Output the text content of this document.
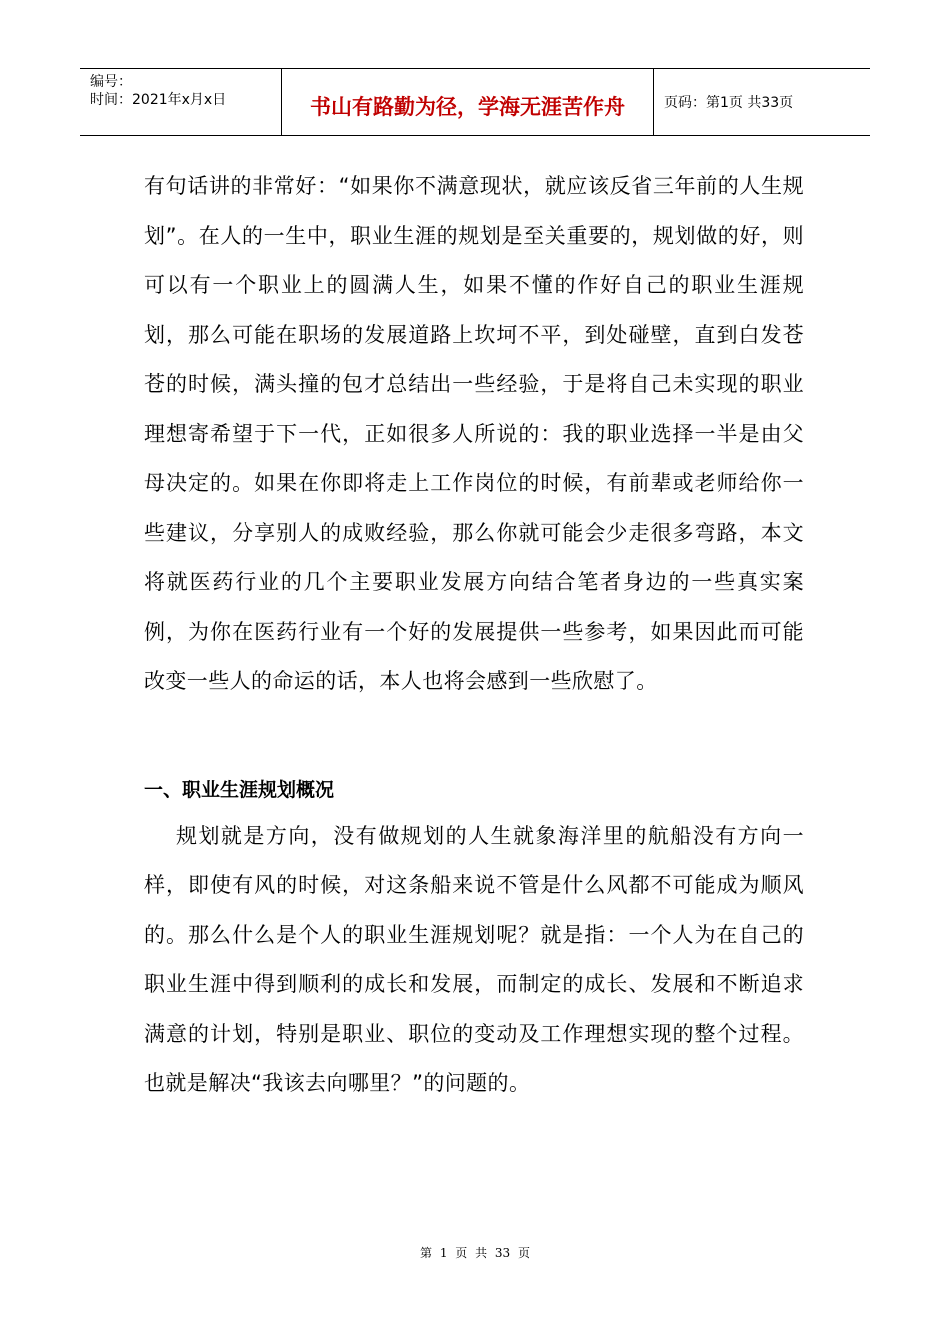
编号：
时间：2021年x月x日	书山有路勤为径，学海无涯苦作舟	页码：第1页 共33页

有句话讲的非常好：“如果你不满意现状，就应该反省三年前的人生规划”。在人的一生中，职业生涯的规划是至关重要的，规划做的好，则可以有一个职业上的圆满人生，如果不懂的作好自己的职业生涯规划，那么可能在职场的发展道路上坎坷不平，到处碰壁，直到白发苍苍的时候，满头撞的包才总结出一些经验，于是将自己未实现的职业理想寄希望于下一代，正如很多人所说的：我的职业选择一半是由父母决定的。如果在你即将走上工作岗位的时候，有前辈或老师给你一些建议，分享别人的成败经验，那么你就可能会少走很多弯路，本文将就医药行业的几个主要职业发展方向结合笔者身边的一些真实案例，为你在医药行业有一个好的发展提供一些参考，如果因此而可能改变一些人的命运的话，本人也将会感到一些欣慰了。

一、职业生涯规划概况

规划就是方向，没有做规划的人生就象海洋里的航船没有方向一样，即使有风的时候，对这条船来说不管是什么风都不可能成为顺风的。那么什么是个人的职业生涯规划呢？就是指：一个人为在自己的职业生涯中得到顺利的成长和发展，而制定的成长、发展和不断追求满意的计划，特别是职业、职位的变动及工作理想实现的整个过程。也就是解决“我该去向哪里？”的问题的。

第 1 页 共 33 页
